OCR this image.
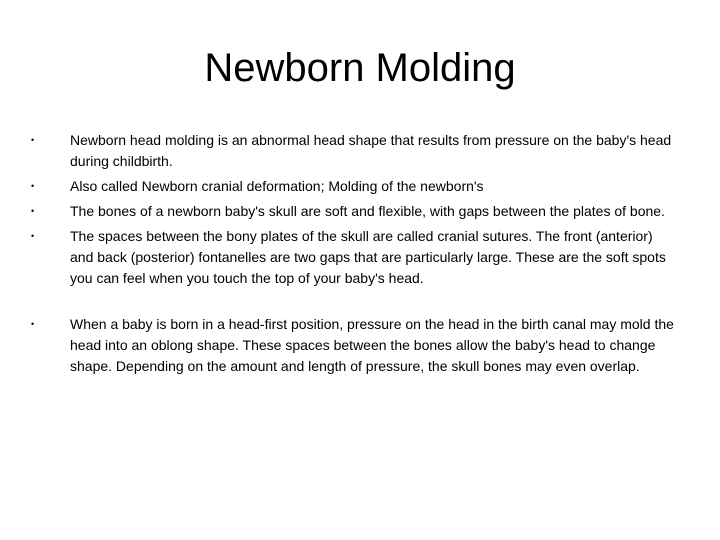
Newborn Molding
•	Newborn head molding is an abnormal head shape that results from pressure on the baby's head during childbirth.
•	Also called Newborn cranial deformation; Molding of the newborn's
•	The bones of a newborn baby's skull are soft and flexible, with gaps between the plates of bone.
•	The spaces between the bony plates of the skull are called cranial sutures. The front (anterior) and back (posterior) fontanelles are two gaps that are particularly large. These are the soft spots you can feel when you touch the top of your baby's head.
•	When a baby is born in a head-first position, pressure on the head in the birth canal may mold the head into an oblong shape. These spaces between the bones allow the baby's head to change shape. Depending on the amount and length of pressure, the skull bones may even overlap.
